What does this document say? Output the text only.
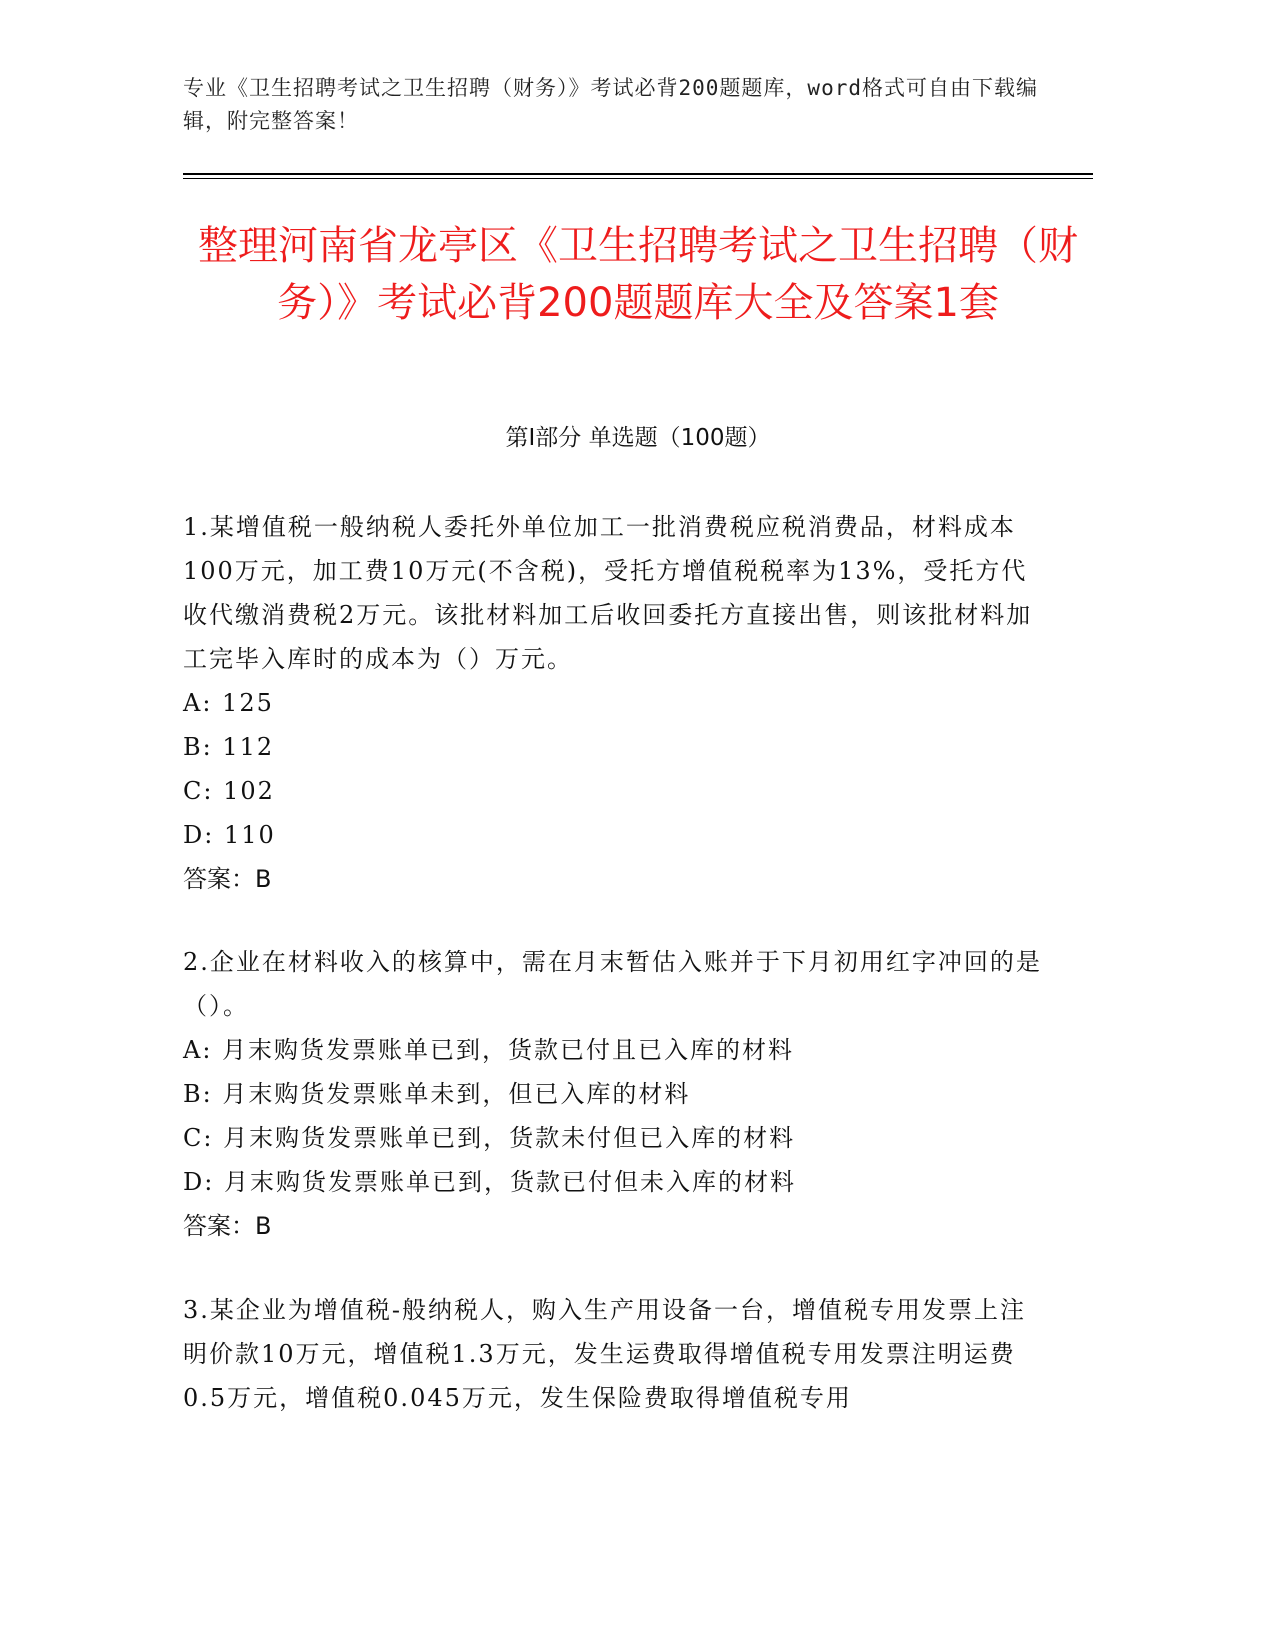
专业《卫生招聘考试之卫生招聘（财务）》考试必背200题题库，word格式可自由下载编辑，附完整答案！
整理河南省龙亭区《卫生招聘考试之卫生招聘（财务）》考试必背200题题库大全及答案1套
第Ⅰ部分 单选题（100题）
1.某增值税一般纳税人委托外单位加工一批消费税应税消费品，材料成本100万元，加工费10万元(不含税)，受托方增值税税率为13%，受托方代收代缴消费税2万元。该批材料加工后收回委托方直接出售，则该批材料加工完毕入库时的成本为（）万元。
A: 125
B: 112
C: 102
D: 110
答案：B
2.企业在材料收入的核算中，需在月末暂估入账并于下月初用红字冲回的是（）。
A: 月末购货发票账单已到，货款已付且已入库的材料
B: 月末购货发票账单未到，但已入库的材料
C: 月末购货发票账单已到，货款未付但已入库的材料
D: 月末购货发票账单已到，货款已付但未入库的材料
答案：B
3.某企业为增值税-般纳税人，购入生产用设备一台，增值税专用发票上注明价款10万元，增值税1.3万元，发生运费取得增值税专用发票注明运费0.5万元，增值税0.045万元，发生保险费取得增值税专用
